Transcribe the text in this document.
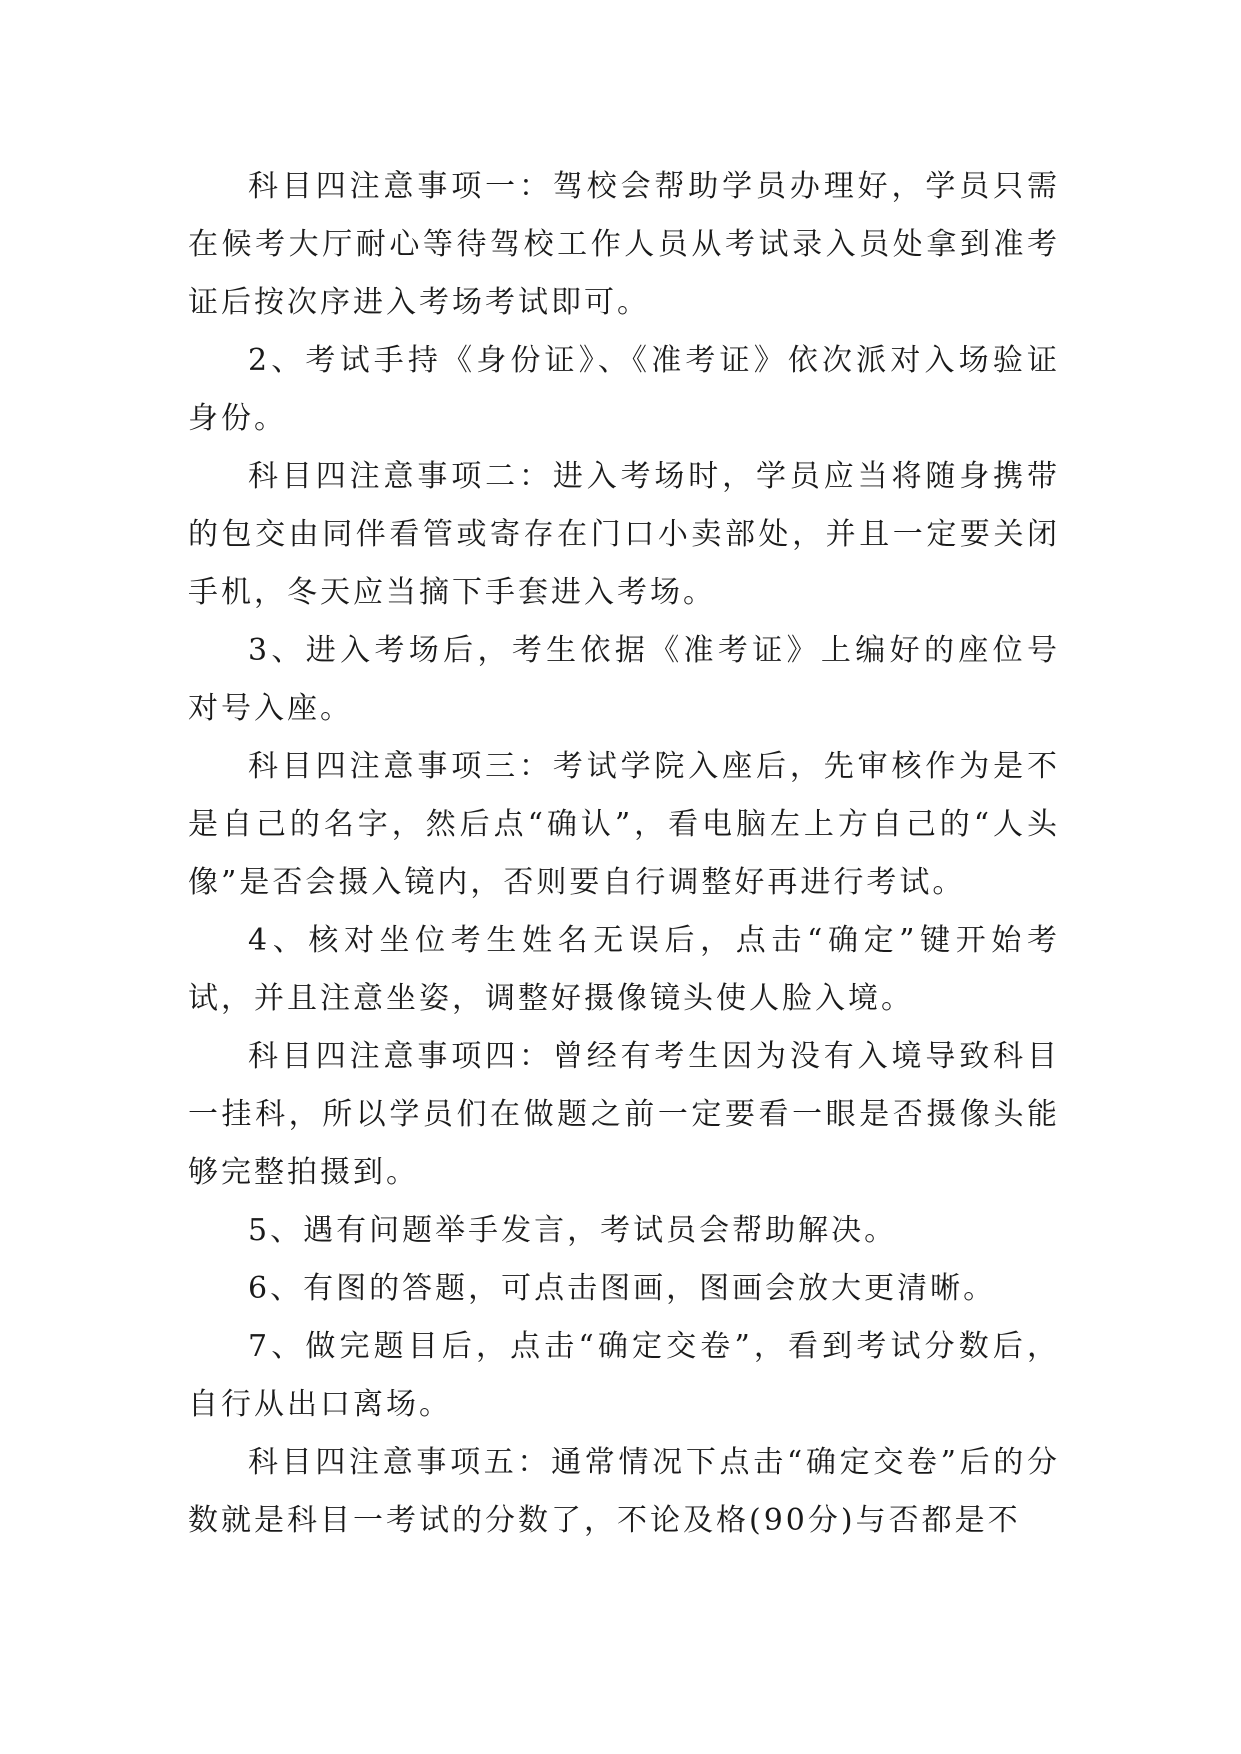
科目四注意事项一：驾校会帮助学员办理好，学员只需在候考大厅耐心等待驾校工作人员从考试录入员处拿到准考证后按次序进入考场考试即可。

2、考试手持《身份证》、《准考证》依次派对入场验证身份。

科目四注意事项二：进入考场时，学员应当将随身携带的包交由同伴看管或寄存在门口小卖部处，并且一定要关闭手机，冬天应当摘下手套进入考场。

3、进入考场后，考生依据《准考证》上编好的座位号对号入座。

科目四注意事项三：考试学院入座后，先审核作为是不是自己的名字，然后点“确认”，看电脑左上方自己的“人头像”是否会摄入镜内，否则要自行调整好再进行考试。

4、核对坐位考生姓名无误后，点击“确定”键开始考试，并且注意坐姿，调整好摄像镜头使人脸入境。

科目四注意事项四：曾经有考生因为没有入境导致科目一挂科，所以学员们在做题之前一定要看一眼是否摄像头能够完整拍摄到。

5、遇有问题举手发言，考试员会帮助解决。

6、有图的答题，可点击图画，图画会放大更清晰。

7、做完题目后，点击“确定交卷”，看到考试分数后，自行从出口离场。

科目四注意事项五：通常情况下点击“确定交卷”后的分数就是科目一考试的分数了，不论及格(90分)与否都是不
